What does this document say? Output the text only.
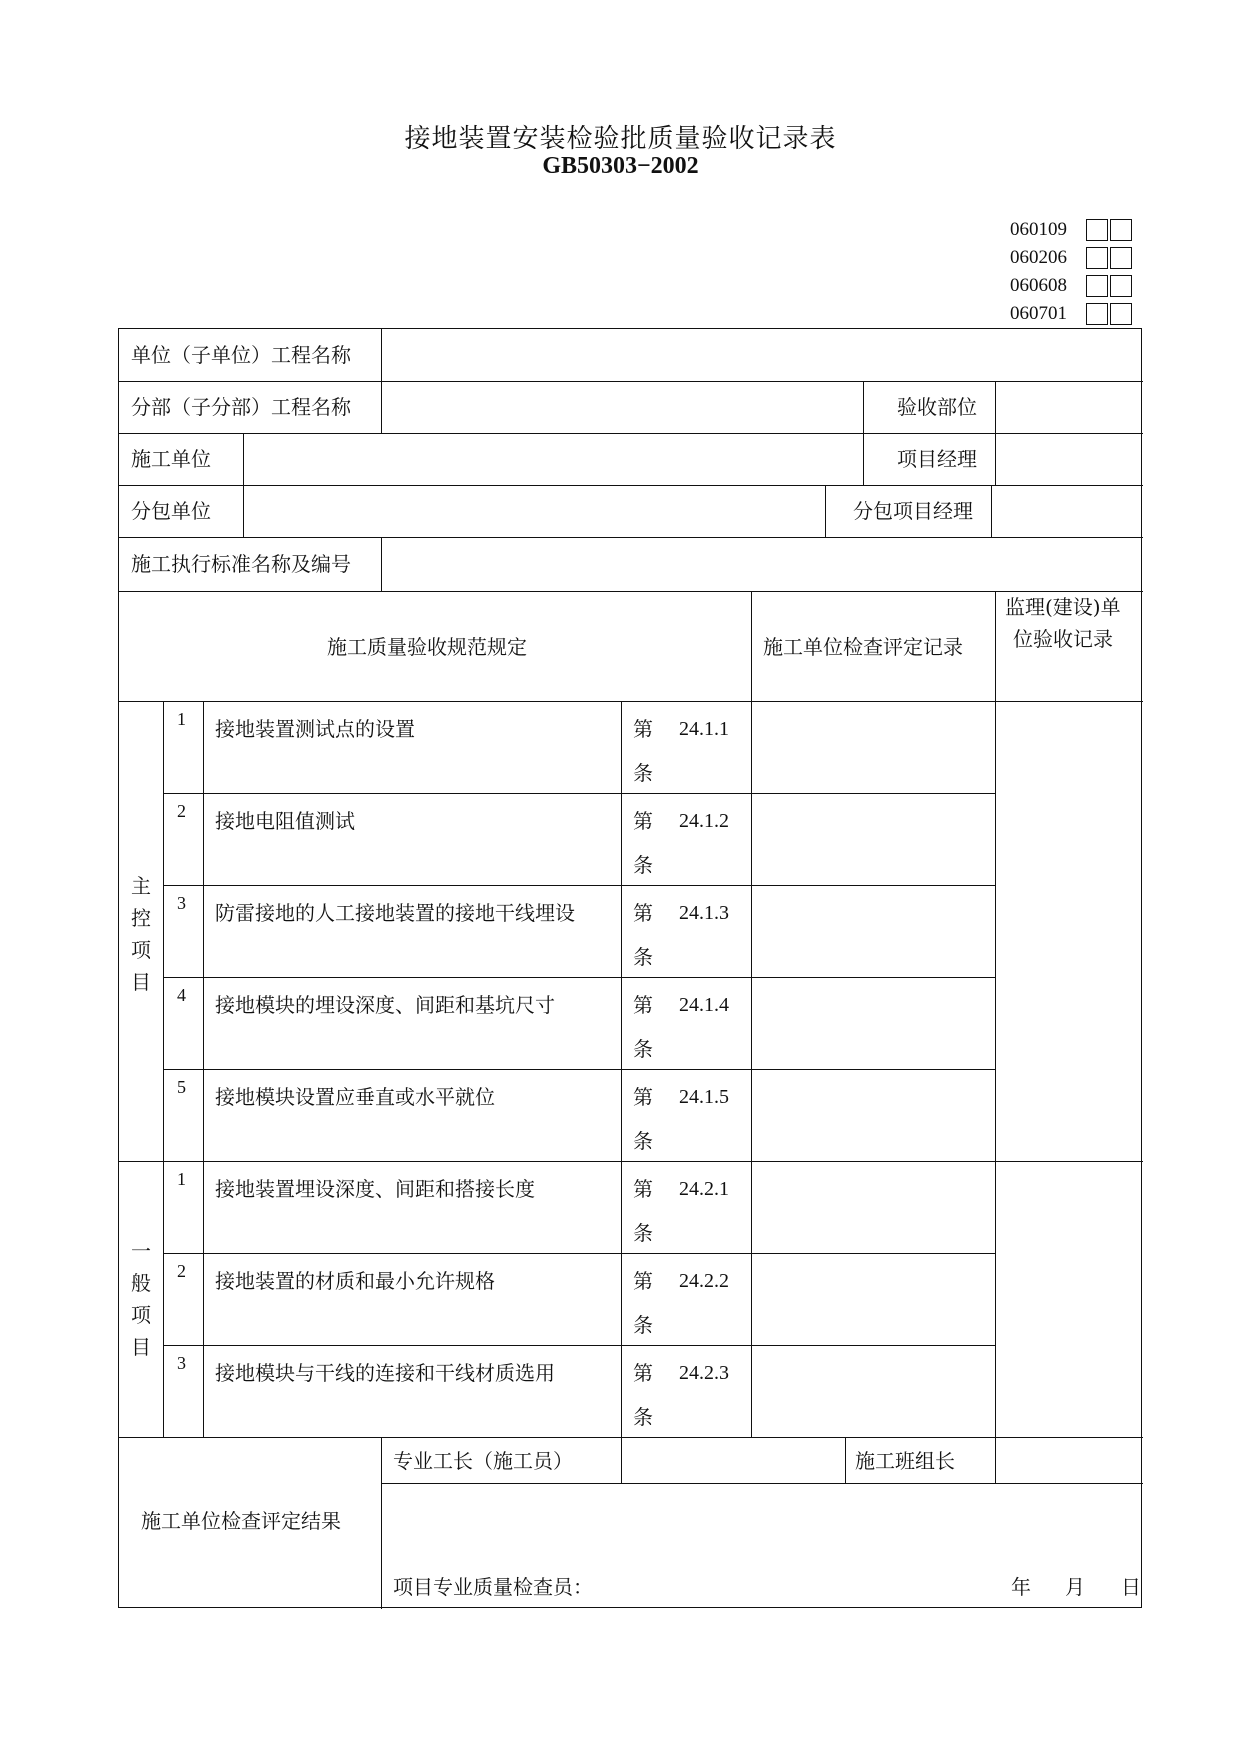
接地装置安装检验批质量验收记录表
GB50303−2002
060109
060206
060608
060701
单位（子单位）工程名称
分部（子分部）工程名称	验收部位
施工单位	项目经理
分包单位	分包项目经理
施工执行标准名称及编号
施工质量验收规范规定	施工单位检查评定记录
监理(建设)单
位验收记录
主
控
项
目
一
般
项
目
1 接地装置测试点的设置	第 24.1.1
条
2 接地电阻值测试	第 24.1.2
条
3 防雷接地的人工接地装置的接地干线埋设	第 24.1.3
条
4 接地模块的埋设深度、间距和基坑尺寸	第 24.1.4
条
5 接地模块设置应垂直或水平就位	第 24.1.5
条
1 接地装置埋设深度、间距和搭接长度	第 24.2.1
条
2 接地装置的材质和最小允许规格	第 24.2.2
条
3 接地模块与干线的连接和干线材质选用	第 24.2.3
条
施工单位检查评定结果
专业工长（施工员）	施工班组长
项目专业质量检查员：	年 月 日
